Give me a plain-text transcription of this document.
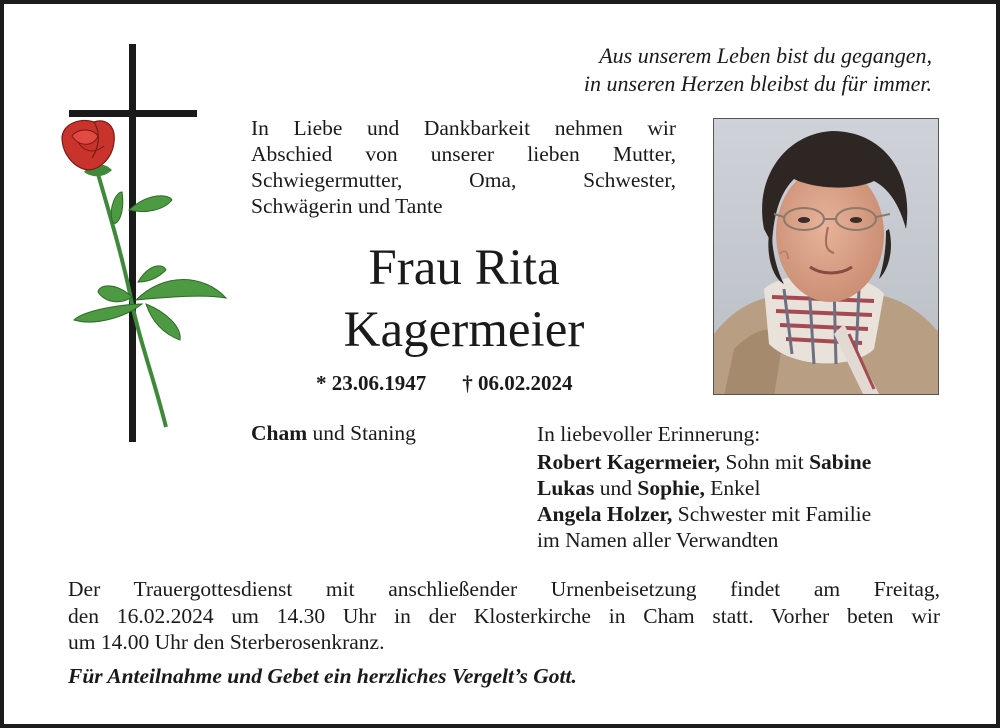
Aus unserem Leben bist du gegangen,
in unseren Herzen bleibst du für immer.
In Liebe und Dankbarkeit nehmen wir
Abschied von unserer lieben Mutter,
Schwiegermutter, Oma, Schwester,
Schwägerin und Tante
Frau Rita
Kagermeier
* 23.06.1947 † 06.02.2024
Cham und Staning	In liebevoller Erinnerung:
Robert Kagermeier, Sohn mit Sabine
Lukas und Sophie, Enkel
Angela Holzer, Schwester mit Familie
im Namen aller Verwandten
Der Trauergottesdienst mit anschließender Urnenbeisetzung findet am Freitag,
den 16.02.2024 um 14.30 Uhr in der Klosterkirche in Cham statt. Vorher beten wir
um 14.00 Uhr den Sterberosenkranz.
Für Anteilnahme und Gebet ein herzliches Vergelt’s Gott.
